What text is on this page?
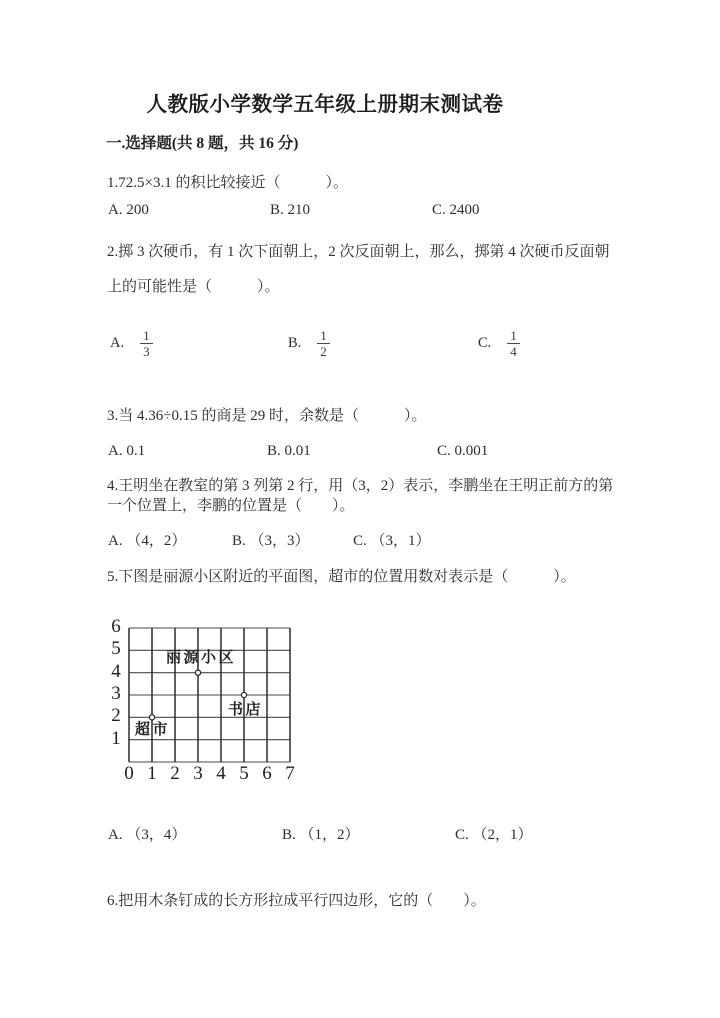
人教版小学数学五年级上册期末测试卷
一.选择题(共 8 题，共 16 分)
1.72.5×3.1 的积比较接近（　　　）。
A. 200	B. 210	C. 2400
2.掷 3 次硬币，有 1 次下面朝上，2 次反面朝上，那么，掷第 4 次硬币反面朝
上的可能性是（　　　）。
A. $\frac{1}{3}$	B. $\frac{1}{2}$	C. $\frac{1}{4}$
3.当 4.36÷0.15 的商是 29 时，余数是（　　　）。
A. 0.1	B. 0.01	C. 0.001
4.王明坐在教室的第 3 列第 2 行，用（3，2）表示，李鹏坐在王明正前方的第
一个位置上，李鹏的位置是（　　）。
A. （4，2）	B. （3，3）	C. （3，1）
5.下图是丽源小区附近的平面图，超市的位置用数对表示是（　　　）。
丽源小区
书店
超市
0 1 2 3 4 5 6 7
1
2
3
4
5
6
A. （3，4）	B. （1，2）	C. （2，1）
6.把用木条钉成的长方形拉成平行四边形，它的（　　）。
